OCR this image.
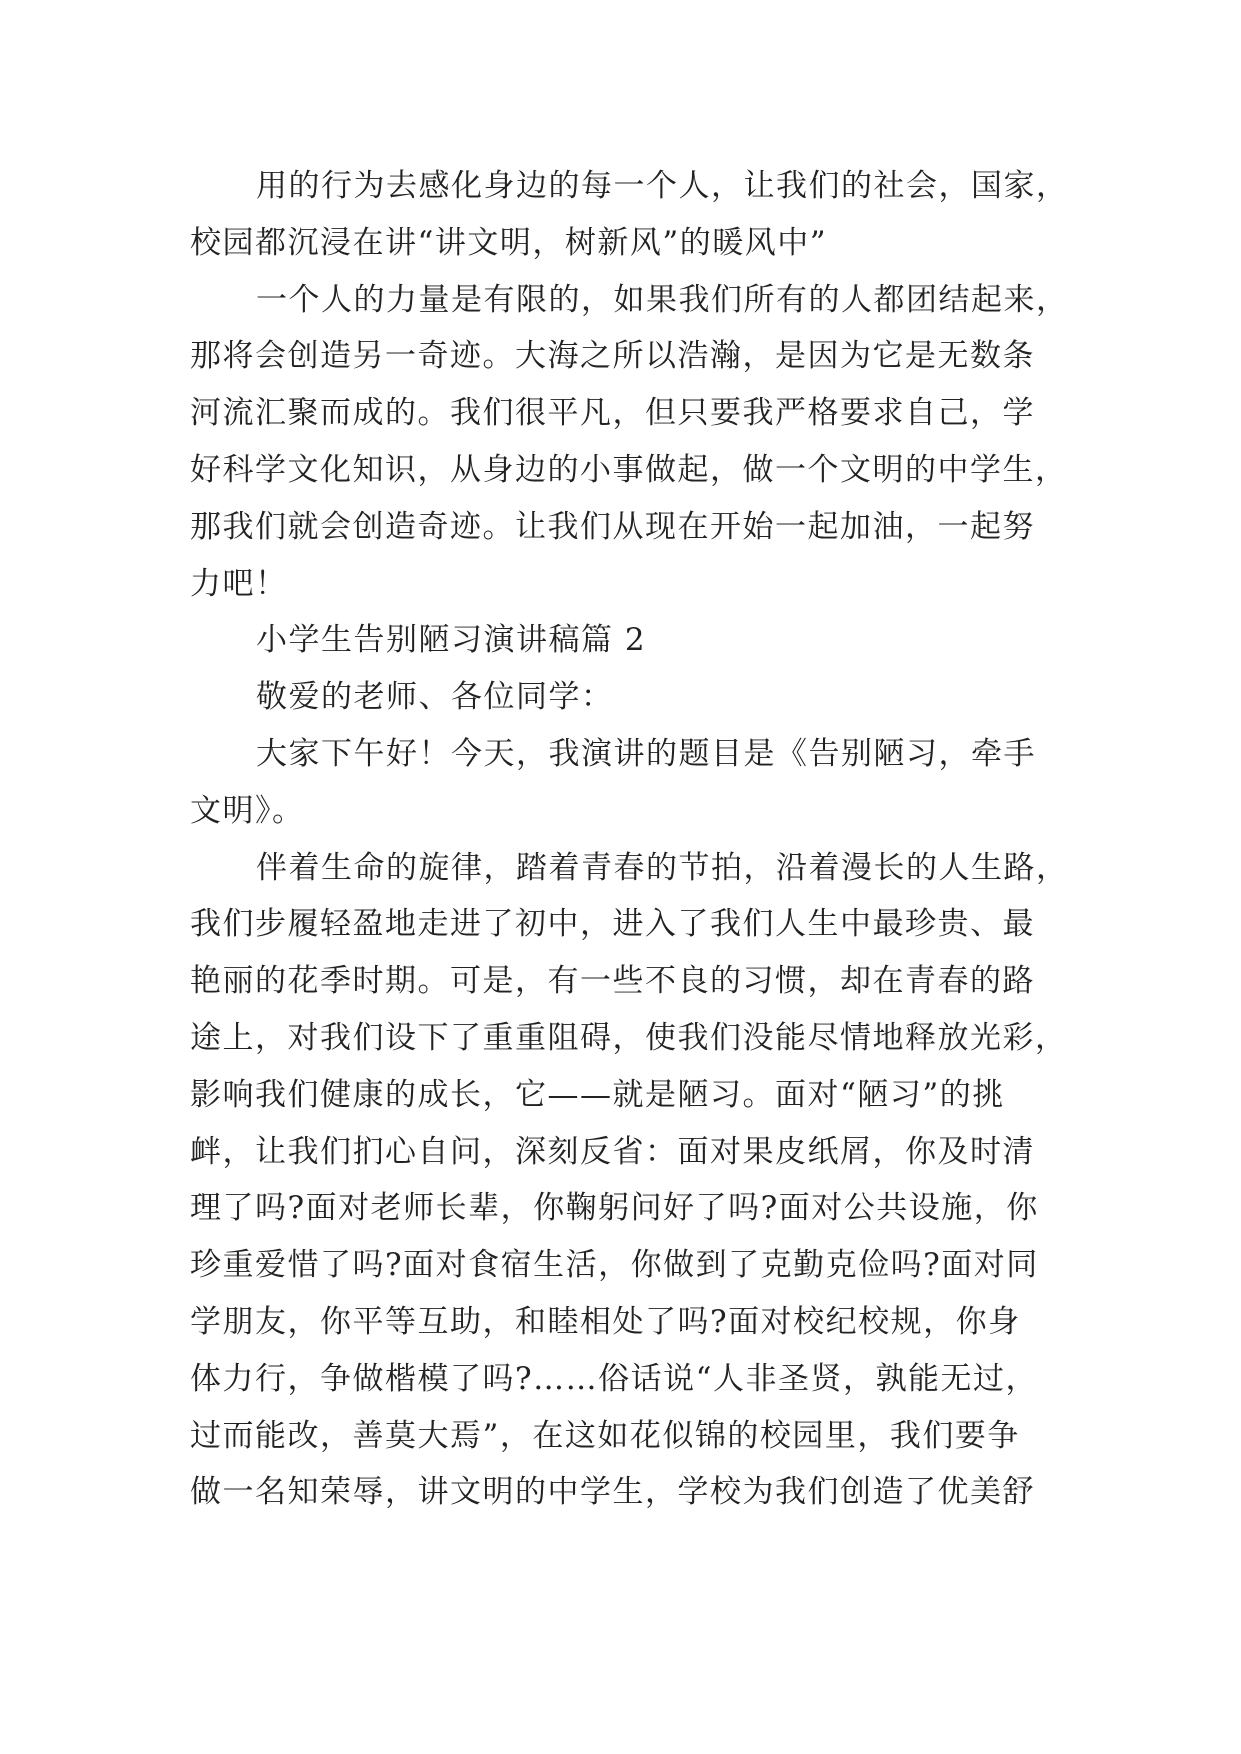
用的行为去感化身边的每一个人，让我们的社会，国家，
校园都沉浸在讲“讲文明，树新风”的暖风中”
一个人的力量是有限的，如果我们所有的人都团结起来，
那将会创造另一奇迹。大海之所以浩瀚，是因为它是无数条
河流汇聚而成的。我们很平凡，但只要我严格要求自己，学
好科学文化知识，从身边的小事做起，做一个文明的中学生，
那我们就会创造奇迹。让我们从现在开始一起加油，一起努
力吧！
小学生告别陋习演讲稿篇 2
敬爱的老师、各位同学：
大家下午好！今天，我演讲的题目是《告别陋习，牵手
文明》。
伴着生命的旋律，踏着青春的节拍，沿着漫长的人生路，
我们步履轻盈地走进了初中，进入了我们人生中最珍贵、最
艳丽的花季时期。可是，有一些不良的习惯，却在青春的路
途上，对我们设下了重重阻碍，使我们没能尽情地释放光彩，
影响我们健康的成长，它——就是陋习。面对“陋习”的挑
衅，让我们扪心自问，深刻反省：面对果皮纸屑，你及时清
理了吗?面对老师长辈，你鞠躬问好了吗?面对公共设施，你
珍重爱惜了吗?面对食宿生活，你做到了克勤克俭吗?面对同
学朋友，你平等互助，和睦相处了吗?面对校纪校规，你身
体力行，争做楷模了吗?……俗话说“人非圣贤，孰能无过，
过而能改，善莫大焉”，在这如花似锦的校园里，我们要争
做一名知荣辱，讲文明的中学生，学校为我们创造了优美舒
